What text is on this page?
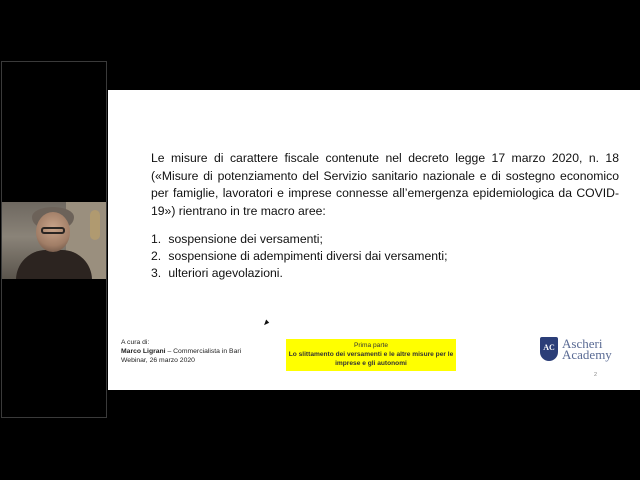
Le misure di carattere fiscale contenute nel decreto legge 17 marzo 2020, n. 18 («Misure di potenziamento del Servizio sanitario nazionale e di sostegno economico per famiglie, lavoratori e imprese connesse all’emergenza epidemiologica da COVID-19») rientrano in tre macro aree:

1. sospensione dei versamenti;
2. sospensione di adempimenti diversi dai versamenti;
3. ulteriori agevolazioni.
A cura di:
Marco Ligrani – Commercialista in Bari
Webinar, 26 marzo 2020
Prima parte
Lo slittamento dei versamenti e le altre misure per le imprese e gli autonomi
AC Ascheri
Academy
2
